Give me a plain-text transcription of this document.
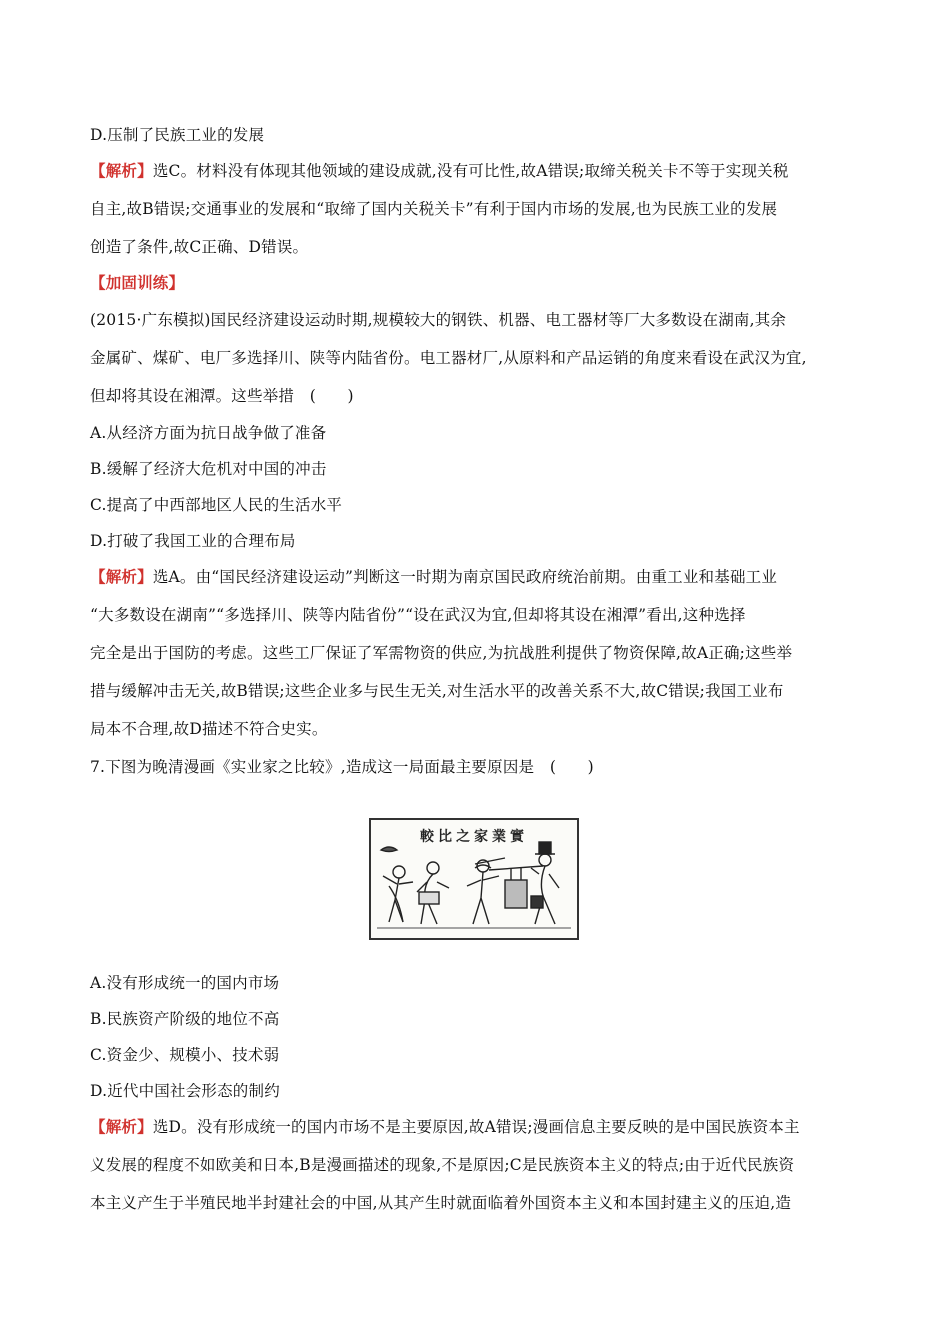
D.压制了民族工业的发展
【解析】选C。材料没有体现其他领域的建设成就,没有可比性,故A错误;取缔关税关卡不等于实现关税
自主,故B错误;交通事业的发展和“取缔了国内关税关卡”有利于国内市场的发展,也为民族工业的发展
创造了条件,故C正确、D错误。
【加固训练】
(2015·广东模拟)国民经济建设运动时期,规模较大的钢铁、机器、电工器材等厂大多数设在湖南,其余
金属矿、煤矿、电厂多选择川、陕等内陆省份。电工器材厂,从原料和产品运销的角度来看设在武汉为宜,
但却将其设在湘潭。这些举措　(　　)
A.从经济方面为抗日战争做了准备
B.缓解了经济大危机对中国的冲击
C.提高了中西部地区人民的生活水平
D.打破了我国工业的合理布局
【解析】选A。由“国民经济建设运动”判断这一时期为南京国民政府统治前期。由重工业和基础工业
“大多数设在湖南”“多选择川、陕等内陆省份”“设在武汉为宜,但却将其设在湘潭”看出,这种选择
完全是出于国防的考虑。这些工厂保证了军需物资的供应,为抗战胜利提供了物资保障,故A正确;这些举
措与缓解冲击无关,故B错误;这些企业多与民生无关,对生活水平的改善关系不大,故C错误;我国工业布
局本不合理,故D描述不符合史实。
7.下图为晚清漫画《实业家之比较》,造成这一局面最主要原因是　(　　)
較比之家業實
A.没有形成统一的国内市场
B.民族资产阶级的地位不高
C.资金少、规模小、技术弱
D.近代中国社会形态的制约
【解析】选D。没有形成统一的国内市场不是主要原因,故A错误;漫画信息主要反映的是中国民族资本主
义发展的程度不如欧美和日本,B是漫画描述的现象,不是原因;C是民族资本主义的特点;由于近代民族资
本主义产生于半殖民地半封建社会的中国,从其产生时就面临着外国资本主义和本国封建主义的压迫,造
